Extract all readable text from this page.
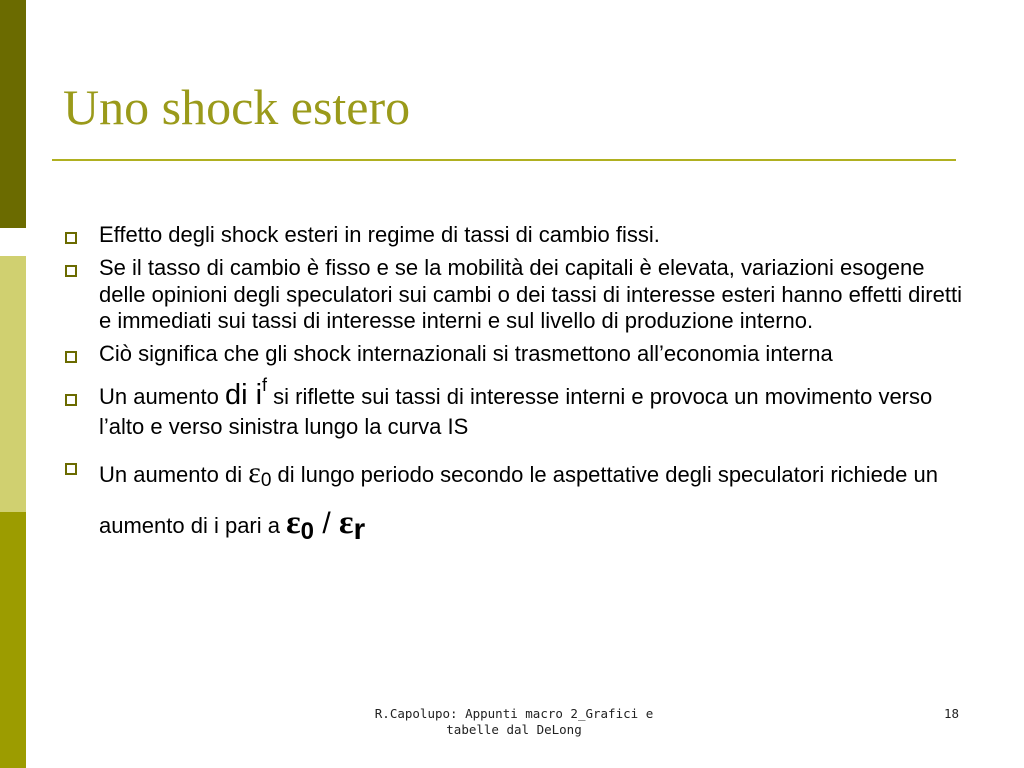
Uno shock estero
Effetto degli shock esteri in regime di tassi di cambio fissi.
Se il tasso di cambio è fisso e se la mobilità dei capitali è elevata, variazioni esogene delle opinioni degli speculatori sui cambi o dei tassi di interesse esteri hanno effetti diretti e immediati sui tassi di interesse interni e sul livello di produzione interno.
Ciò significa che gli shock internazionali si trasmettono all’economia interna
Un aumento di $i^f$ si riflette sui tassi di interesse interni e provoca un movimento verso l’alto e verso sinistra lungo la curva IS
Un aumento di ε0 di lungo periodo secondo le aspettative degli speculatori richiede un aumento di i pari a ε0 / εr
R.Capolupo: Appunti macro 2_Grafici e
tabelle dal DeLong
18
